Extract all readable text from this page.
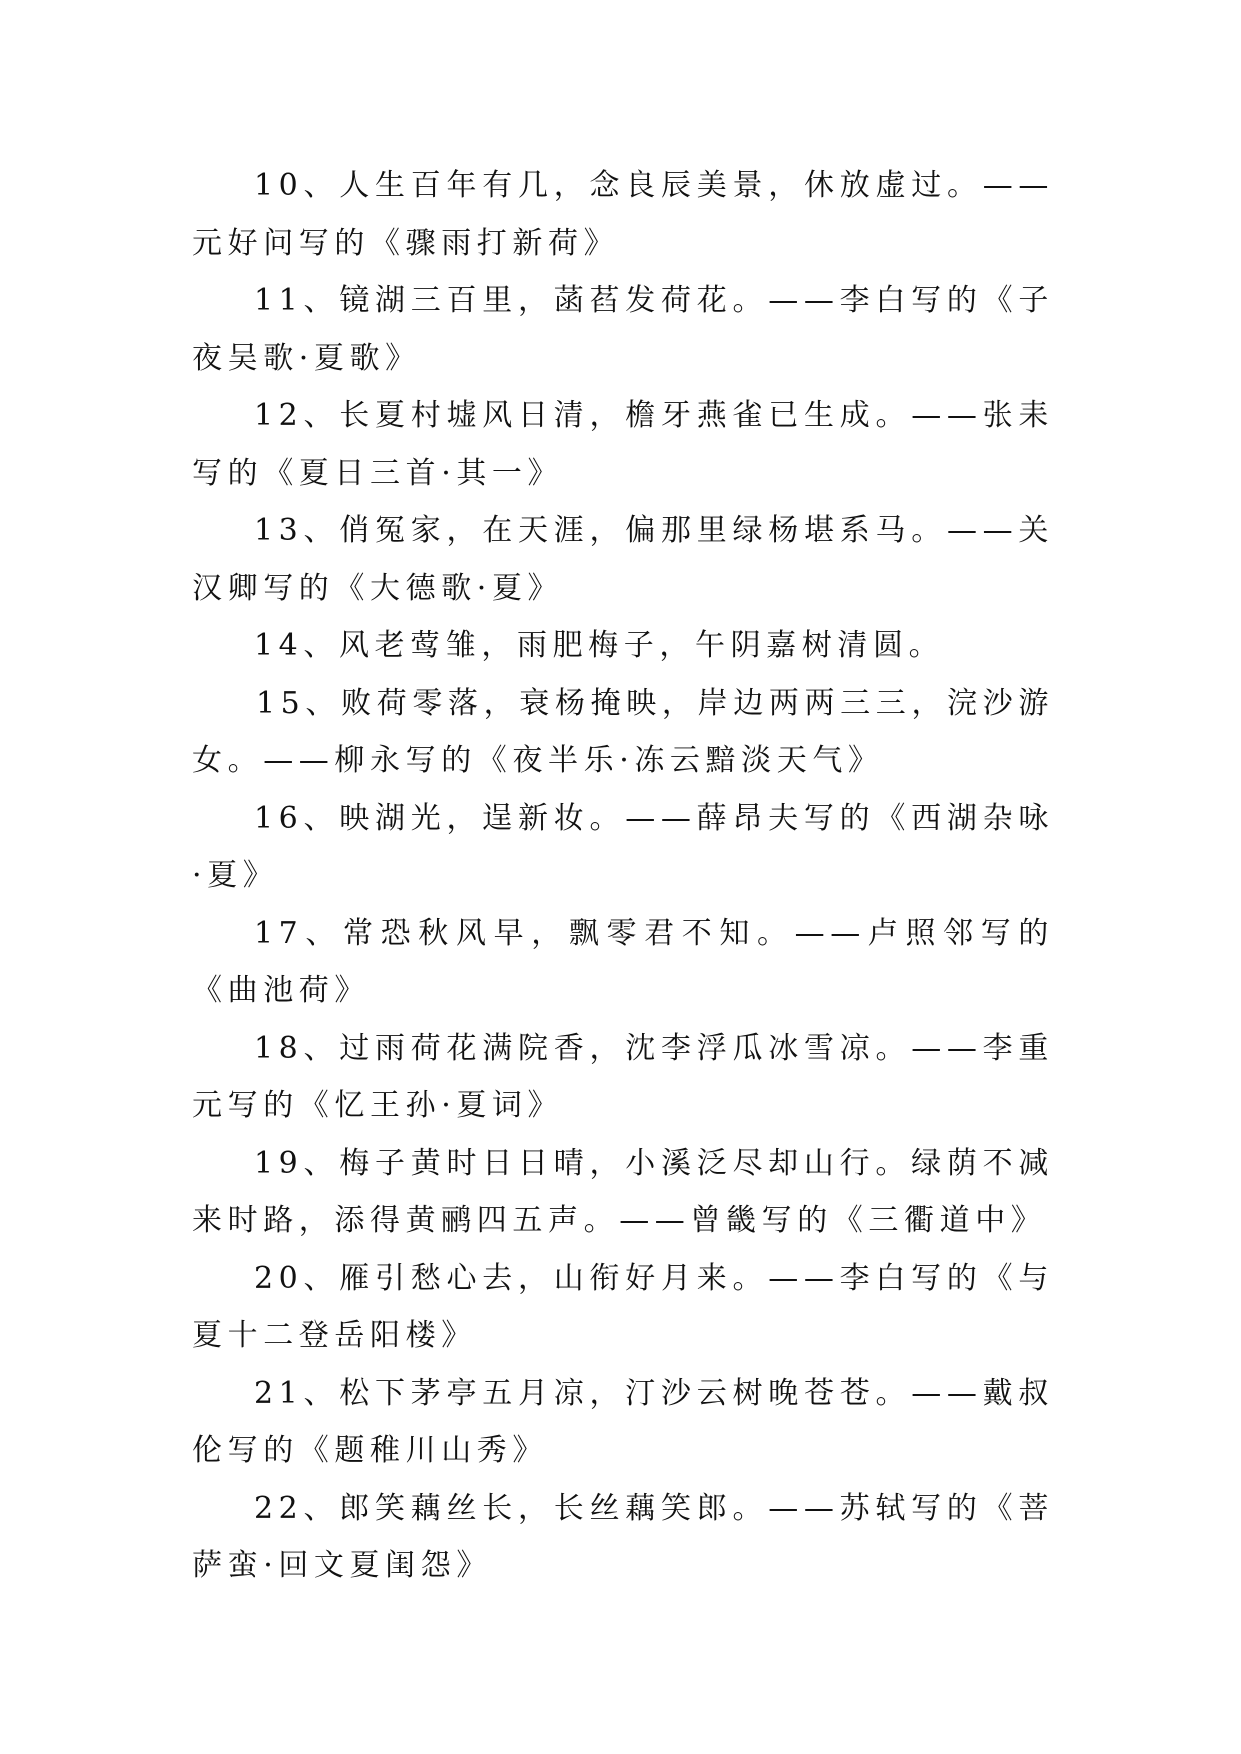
10、人生百年有几，念良辰美景，休放虚过。——元好问写的《骤雨打新荷》

11、镜湖三百里，菡萏发荷花。——李白写的《子夜吴歌·夏歌》

12、长夏村墟风日清，檐牙燕雀已生成。——张耒写的《夏日三首·其一》

13、俏冤家，在天涯，偏那里绿杨堪系马。——关汉卿写的《大德歌·夏》

14、风老莺雏，雨肥梅子，午阴嘉树清圆。

15、败荷零落，衰杨掩映，岸边两两三三，浣沙游女。——柳永写的《夜半乐·冻云黯淡天气》

16、映湖光，逞新妆。——薛昂夫写的《西湖杂咏·夏》

17、常恐秋风早，飘零君不知。——卢照邻写的《曲池荷》

18、过雨荷花满院香，沈李浮瓜冰雪凉。——李重元写的《忆王孙·夏词》

19、梅子黄时日日晴，小溪泛尽却山行。绿荫不减来时路，添得黄鹂四五声。——曾畿写的《三衢道中》

20、雁引愁心去，山衔好月来。——李白写的《与夏十二登岳阳楼》

21、松下茅亭五月凉，汀沙云树晚苍苍。——戴叔伦写的《题稚川山秀》

22、郎笑藕丝长，长丝藕笑郎。——苏轼写的《菩萨蛮·回文夏闺怨》
